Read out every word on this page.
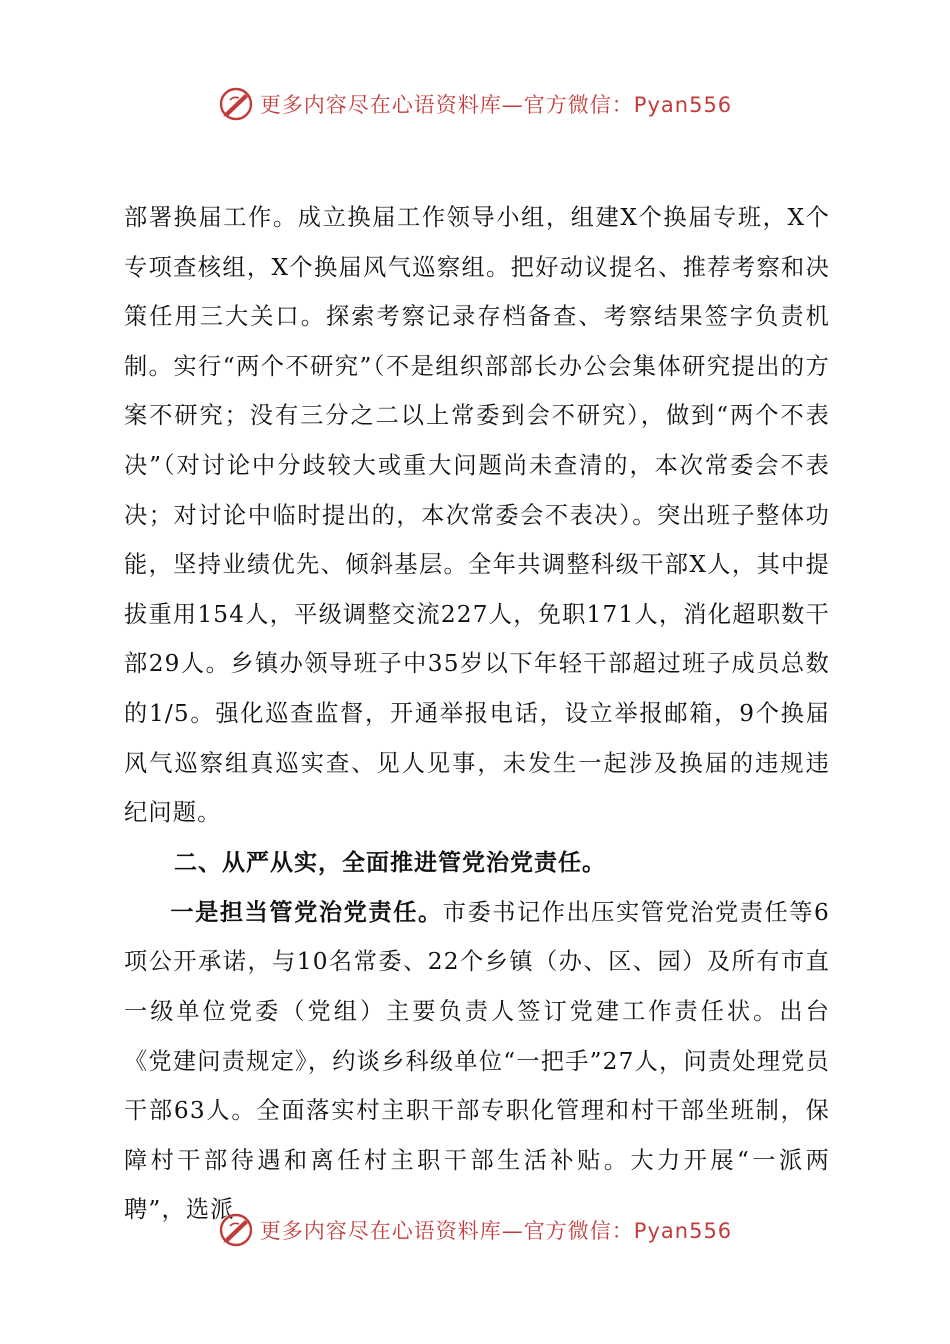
更多内容尽在心语资料库—官方微信：Pyan556

部署换届工作。成立换届工作领导小组，组建X个换届专班，X个专项查核组，X个换届风气巡察组。把好动议提名、推荐考察和决策任用三大关口。探索考察记录存档备查、考察结果签字负责机制。实行“两个不研究”（不是组织部部长办公会集体研究提出的方案不研究；没有三分之二以上常委到会不研究），做到“两个不表决”（对讨论中分歧较大或重大问题尚未查清的，本次常委会不表决；对讨论中临时提出的，本次常委会不表决）。突出班子整体功能，坚持业绩优先、倾斜基层。全年共调整科级干部X人，其中提拔重用154人，平级调整交流227人，免职171人，消化超职数干部29人。乡镇办领导班子中35岁以下年轻干部超过班子成员总数的1/5。强化巡查监督，开通举报电话，设立举报邮箱，9个换届风气巡察组真巡实查、见人见事，未发生一起涉及换届的违规违纪问题。

二、从严从实，全面推进管党治党责任。

一是担当管党治党责任。市委书记作出压实管党治党责任等6项公开承诺，与10名常委、22个乡镇（办、区、园）及所有市直一级单位党委（党组）主要负责人签订党建工作责任状。出台《党建问责规定》，约谈乡科级单位“一把手”27人，问责处理党员干部63人。全面落实村主职干部专职化管理和村干部坐班制，保障村干部待遇和离任村主职干部生活补贴。大力开展“一派两聘”，选派

更多内容尽在心语资料库—官方微信：Pyan556
